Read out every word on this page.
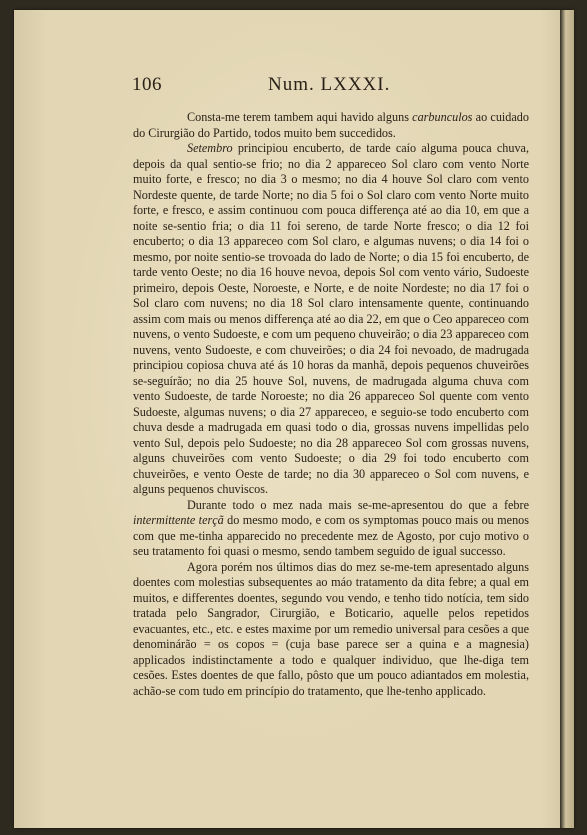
106	Num. LXXXI.

Consta-me terem tambem aqui havido alguns carbunculos ao cuidado do Cirurgião do Partido, todos muito bem succedidos.

Setembro principiou encuberto, de tarde caío alguma pouca chuva, depois da qual sentio-se frio; no dia 2 appareceo Sol claro com vento Norte muito forte, e fresco; no dia 3 o mesmo; no dia 4 houve Sol claro com vento Nordeste quente, de tarde Norte; no dia 5 foi o Sol claro com vento Norte muito forte, e fresco, e assim continuou com pouca differença até ao dia 10, em que a noite se-sentio fria; o dia 11 foi sereno, de tarde Norte fresco; o dia 12 foi encuberto; o dia 13 appareceo com Sol claro, e algumas nuvens; o dia 14 foi o mesmo, por noite sentio-se trovoada do lado de Norte; o dia 15 foi encuberto, de tarde vento Oeste; no dia 16 houve nevoa, depois Sol com vento vário, Sudoeste primeiro, depois Oeste, Noroeste, e Norte, e de noite Nordeste; no dia 17 foi o Sol claro com nuvens; no dia 18 Sol claro intensamente quente, continuando assim com mais ou menos differença até ao dia 22, em que o Ceo appareceo com nuvens, o vento Sudoeste, e com um pequeno chuveirão; o dia 23 appareceo com nuvens, vento Sudoeste, e com chuveirões; o dia 24 foi nevoado, de madrugada principiou copiosa chuva até ás 10 horas da manhã, depois pequenos chuveirões se-seguírão; no dia 25 houve Sol, nuvens, de madrugada alguma chuva com vento Sudoeste, de tarde Noroeste; no dia 26 appareceo Sol quente com vento Sudoeste, algumas nuvens; o dia 27 appareceo, e seguio-se todo encuberto com chuva desde a madrugada em quasi todo o dia, grossas nuvens impellidas pelo vento Sul, depois pelo Sudoeste; no dia 28 appareceo Sol com grossas nuvens, alguns chuveirões com vento Sudoeste; o dia 29 foi todo encuberto com chuveirões, e vento Oeste de tarde; no dia 30 appareceo o Sol com nuvens, e alguns pequenos chuviscos.

Durante todo o mez nada mais se-me-apresentou do que a febre intermittente terçã do mesmo modo, e com os symptomas pouco mais ou menos com que me-tinha apparecido no precedente mez de Agosto, por cujo motivo o seu tratamento foi quasi o mesmo, sendo tambem seguido de igual successo.

Agora porém nos últimos dias do mez se-me-tem apresentado alguns doentes com molestias subsequentes ao máo tratamento da dita febre; a qual em muitos, e differentes doentes, segundo vou vendo, e tenho tido notícia, tem sido tratada pelo Sangrador, Cirurgião, e Boticario, aquelle pelos repetidos evacuantes, etc., etc. e estes maxime por um remedio universal para cesões a que denominárão = os copos = (cuja base parece ser a quina e a magnesia) applicados indistinctamente a todo e qualquer individuo, que lhe-diga tem cesões. Estes doentes de que fallo, pôsto que um pouco adiantados em molestia, achão-se com tudo em princípio do tratamento, que lhe-tenho applicado.
